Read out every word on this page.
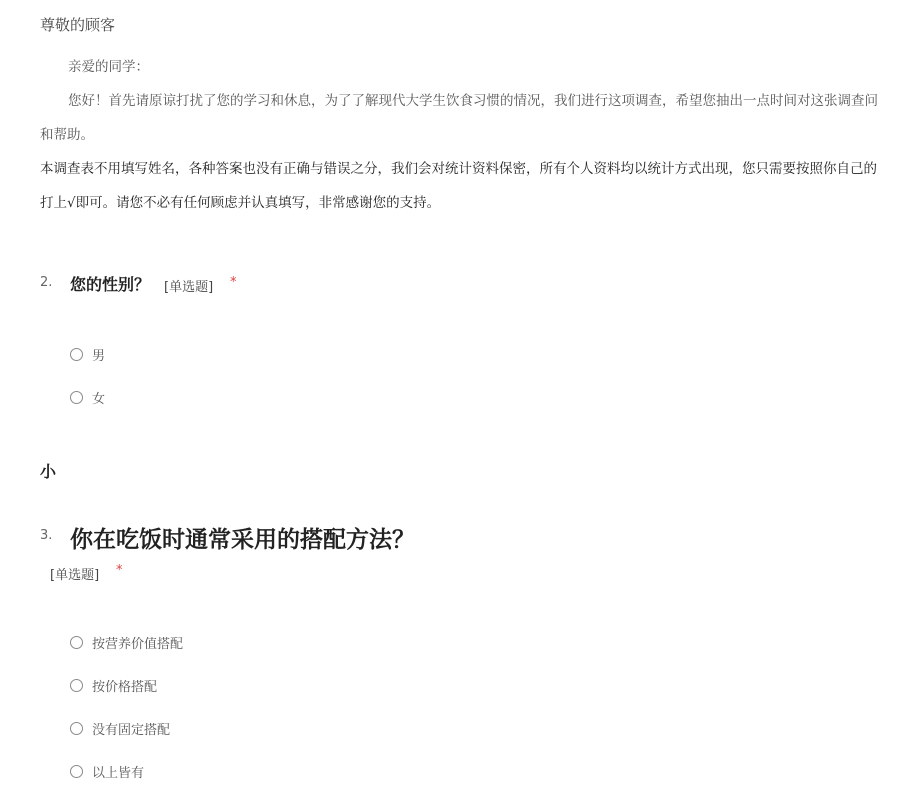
尊敬的顾客
亲爱的同学：
您好！首先请原谅打扰了您的学习和休息，为了了解现代大学生饮食习惯的情况，我们进行这项调查，希望您抽出一点时间对这张调查问
和帮助。
本调查表不用填写姓名，各种答案也没有正确与错误之分，我们会对统计资料保密，所有个人资料均以统计方式出现，您只需要按照你自己的
打上√即可。请您不必有任何顾虑并认真填写，非常感谢您的支持。
2. 您的性别？ [单选题] *
男
女
小
3. 你在吃饭时通常采用的搭配方法？
[单选题] *
按营养价值搭配
按价格搭配
没有固定搭配
以上皆有
